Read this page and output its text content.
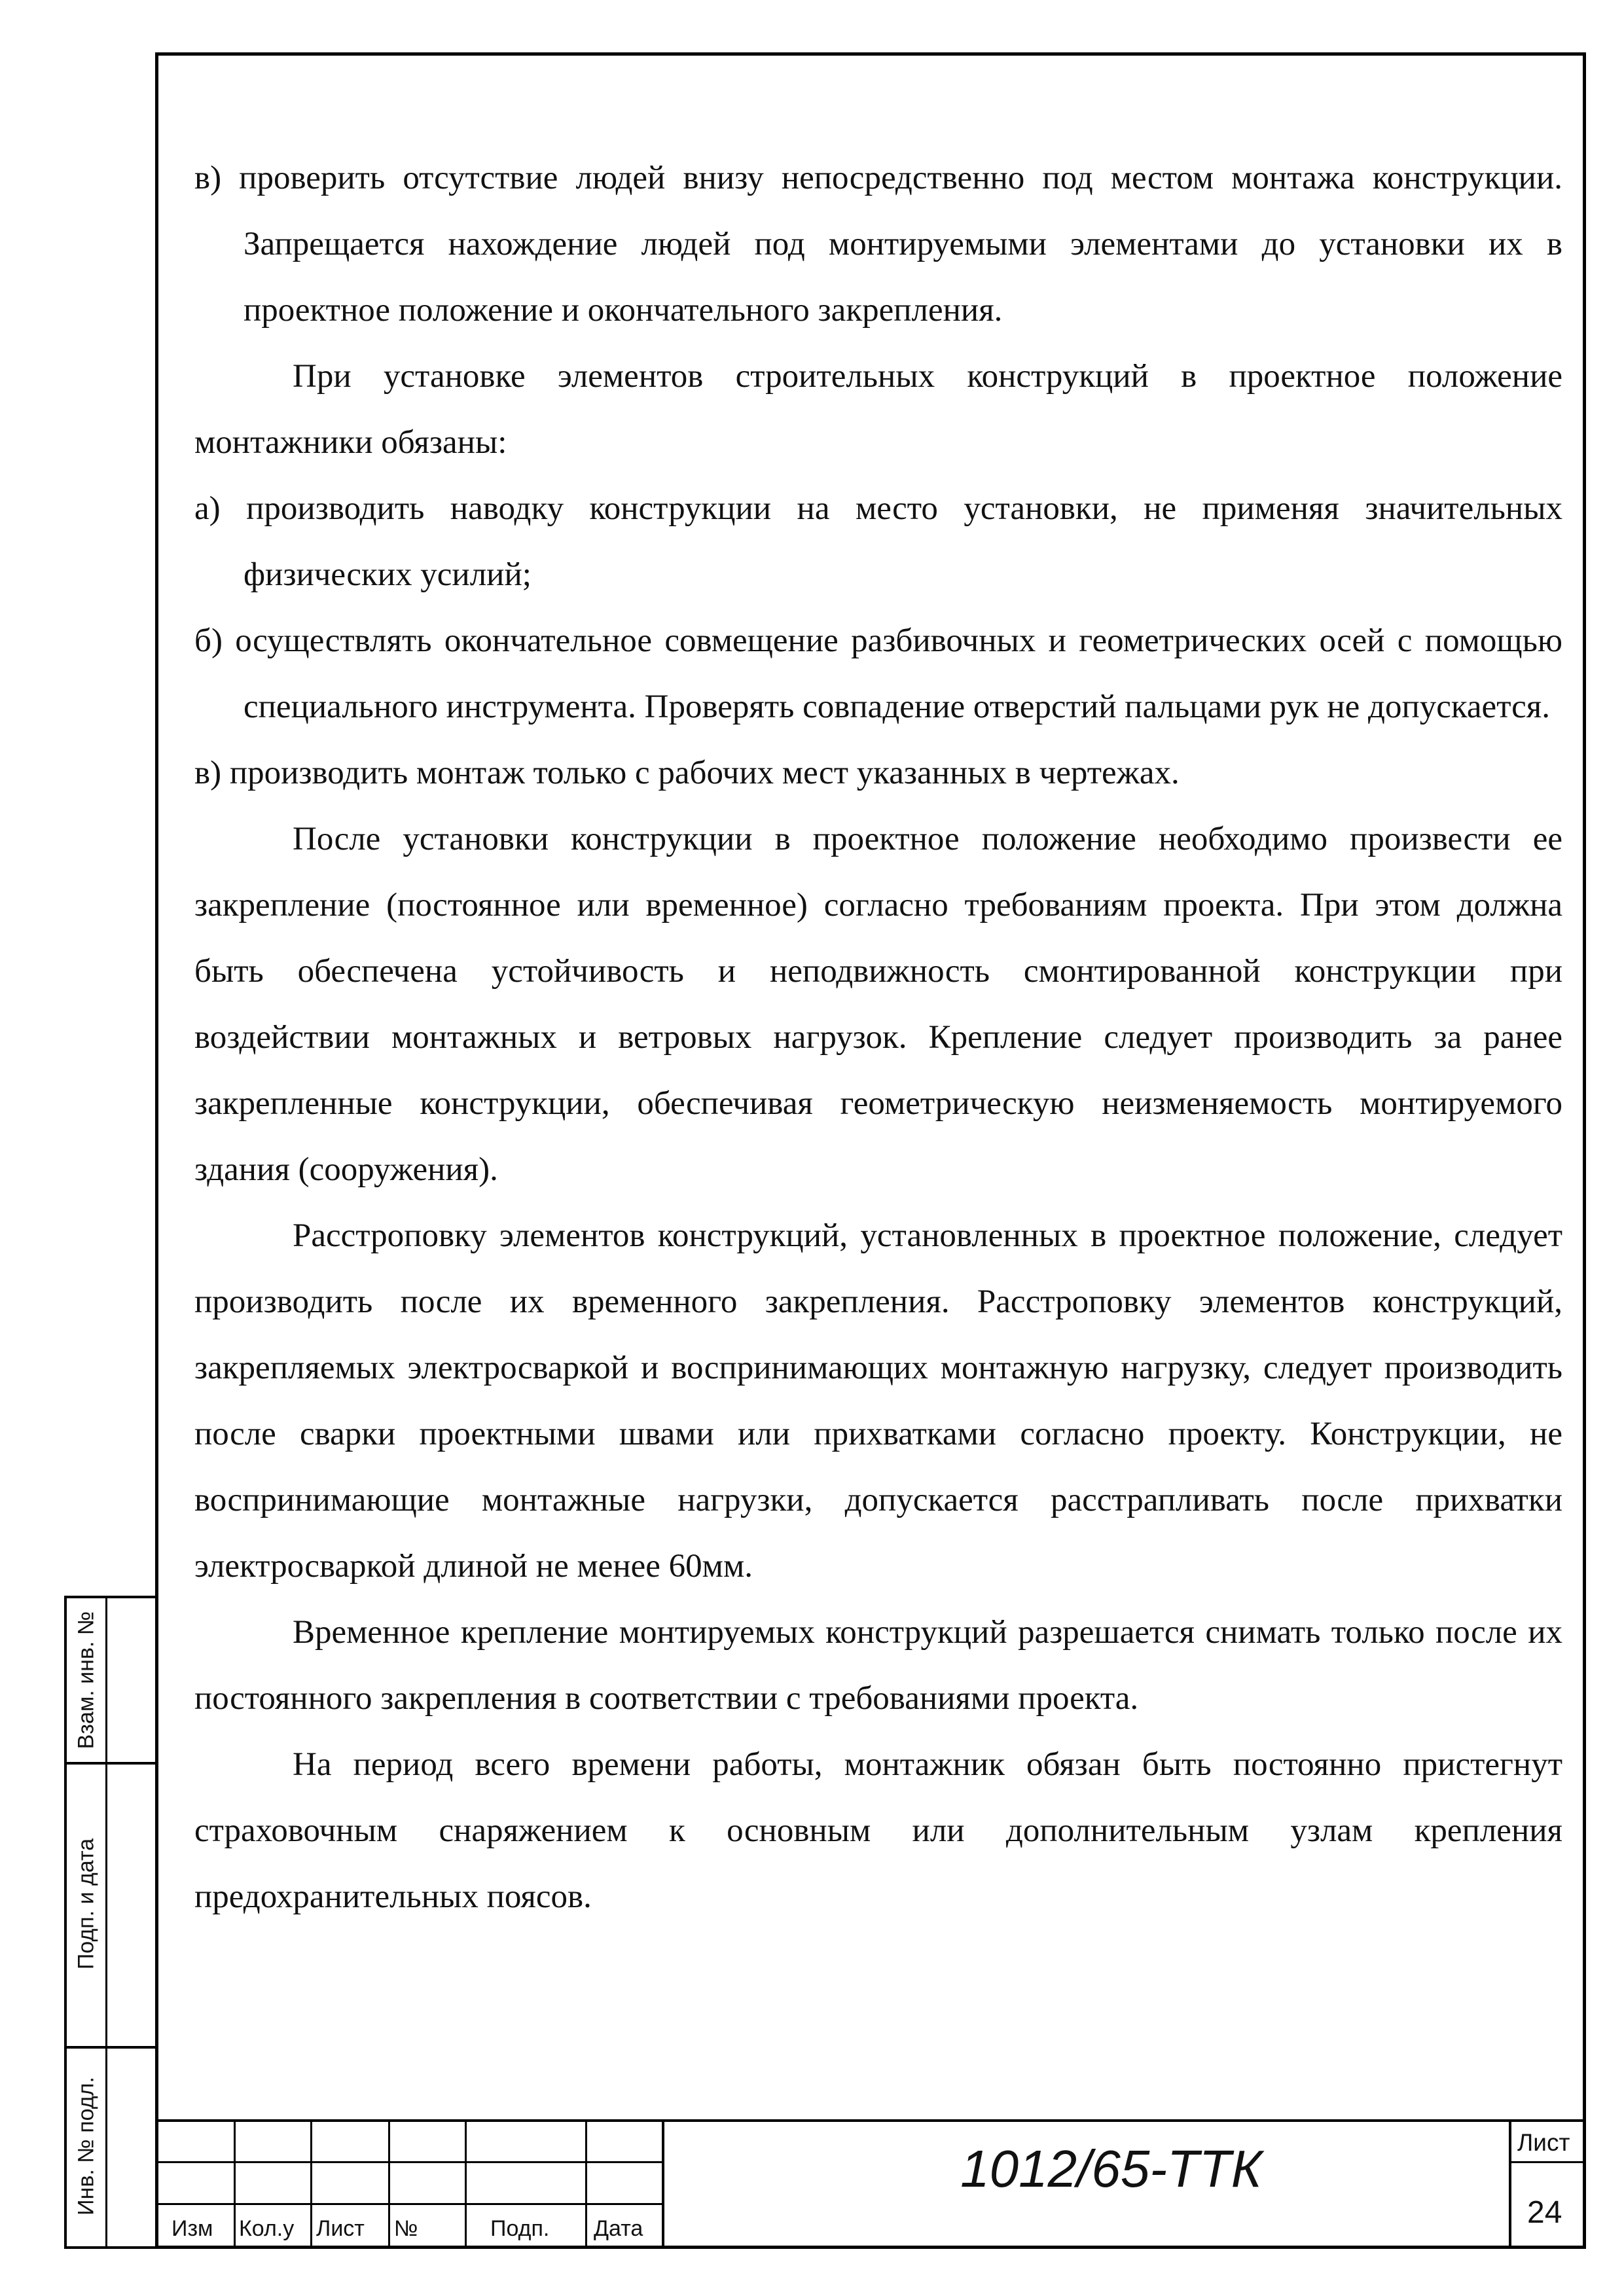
в) проверить отсутствие людей внизу непосредственно под местом монтажа конструкции. Запрещается нахождение людей под монтируемыми элементами до установки их в проектное положение и окончательного закрепления.

При установке элементов строительных конструкций в проектное положение монтажники обязаны:

а) производить наводку конструкции на место установки, не применяя значительных физических усилий;

б) осуществлять окончательное совмещение разбивочных и геометрических осей с помощью специального инструмента. Проверять совпадение отверстий пальцами рук не допускается.

в) производить монтаж только с рабочих мест указанных в чертежах.

После установки конструкции в проектное положение необходимо произвести ее закрепление (постоянное или временное) согласно требованиям проекта. При этом должна быть обеспечена устойчивость и неподвижность смонтированной конструкции при воздействии монтажных и ветровых нагрузок. Крепление следует производить за ранее закрепленные конструкции, обеспечивая геометрическую неизменяемость монтируемого здания (сооружения).

Расстроповку элементов конструкций, установленных в проектное положение, следует производить после их временного закрепления. Расстроповку элементов конструкций, закрепляемых электросваркой и воспринимающих монтажную нагрузку, следует производить после сварки проектными швами или прихватками согласно проекту. Конструкции, не воспринимающие монтажные нагрузки, допускается расстрапливать после прихватки электросваркой длиной не менее 60мм.

Временное крепление монтируемых конструкций разрешается снимать только после их постоянного закрепления в соответствии с требованиями проекта.

На период всего времени работы, монтажник обязан быть постоянно пристегнут страховочным снаряжением к основным или дополнительным узлам крепления предохранительных поясов.

Взам. инв. №
Подп. и дата
Инв. № подл.
Изм Кол.у Лист №	Подп. Дата
1012/65-ТТК	Лист
24
